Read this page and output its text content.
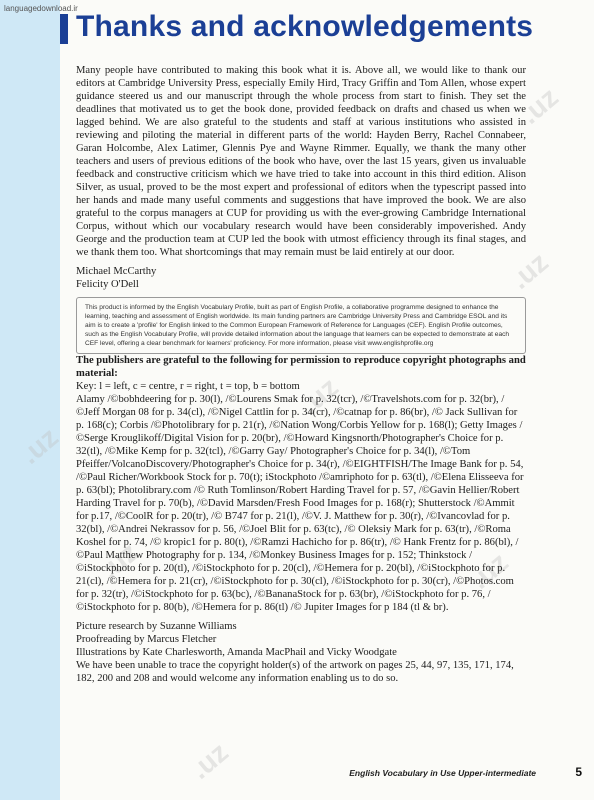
languagedownload.ir
Thanks and acknowledgements
.uz
.uz
.uz
.uz
.uz	.uz
.uz

Many people have contributed to making this book what it is. Above all, we would like to thank our editors at Cambridge University Press, especially Emily Hird, Tracy Griffin and Tom Allen, whose expert guidance steered us and our manuscript through the whole process from start to finish. They set the deadlines that motivated us to get the book done, provided feedback on drafts and chased us when we lagged behind. We are also grateful to the students and staff at various institutions who assisted in reviewing and piloting the material in different parts of the world: Hayden Berry, Rachel Connabeer, Garan Holcombe, Alex Latimer, Glennis Pye and Wayne Rimmer. Equally, we thank the many other teachers and users of previous editions of the book who have, over the last 15 years, given us invaluable feedback and constructive criticism which we have tried to take into account in this third edition. Alison Silver, as usual, proved to be the most expert and professional of editors when the typescript passed into her hands and made many useful comments and suggestions that have improved the book. We are also grateful to the corpus managers at CUP for providing us with the ever-growing Cambridge International Corpus, without which our vocabulary research would have been considerably impoverished. Andy George and the production team at CUP led the book with utmost efficiency through its final stages, and we thank them too. What shortcomings that may remain must be laid entirely at our door.

Michael McCarthy
Felicity O'Dell
This product is informed by the English Vocabulary Profile, built as part of English Profile, a collaborative programme designed to enhance the learning, teaching and assessment of English worldwide. Its main funding partners are Cambridge University Press and Cambridge ESOL and its aim is to create a 'profile' for English linked to the Common European Framework of Reference for Languages (CEF). English Profile outcomes, such as the English Vocabulary Profile, will provide detailed information about the language that learners can be expected to demonstrate at each CEF level, offering a clear benchmark for learners' proficiency. For more information, please visit www.englishprofile.org

The publishers are grateful to the following for permission to reproduce copyright photographs and material:

Key: l = left, c = centre, r = right, t = top, b = bottom

Alamy /©bobhdeering for p. 30(l), /©Lourens Smak for p. 32(tcr), /©Travelshots.com for p. 32(br), /©Jeff Morgan 08 for p. 34(cl), /©Nigel Cattlin for p. 34(cr), /©catnap for p. 86(br), /© Jack Sullivan for p. 168(c); Corbis /©Photolibrary for p. 21(r), /©Nation Wong/Corbis Yellow for p. 168(l); Getty Images /©Serge Krouglikoff/Digital Vision for p. 20(br), /©Howard Kingsnorth/Photographer's Choice for p. 32(tl), /©Mike Kemp for p. 32(tcl), /©Garry Gay/ Photographer's Choice for p. 34(l), /©Tom Pfeiffer/VolcanoDiscovery/Photographer's Choice for p. 34(r), /©EIGHTFISH/The Image Bank for p. 54, /©Paul Richer/Workbook Stock for p. 70(t); iStockphoto /©amriphoto for p. 63(tl), /©Elena Elisseeva for p. 63(bl); Photolibrary.com /© Ruth Tomlinson/Robert Harding Travel for p. 57, /©Gavin Hellier/Robert Harding Travel for p. 70(b), /©David Marsden/Fresh Food Images for p. 168(r); Shutterstock /©Ammit for p.17, /©CoolR for p. 20(tr), /© B747 for p. 21(l), /©V. J. Matthew for p. 30(r), /©Ivancovlad for p. 32(bl), /©Andrei Nekrassov for p. 56, /©Joel Blit for p. 63(tc), /© Oleksiy Mark for p. 63(tr), /©Roma Koshel for p. 74, /© kropic1 for p. 80(t), /©Ramzi Hachicho for p. 86(tr), /© Hank Frentz for p. 86(bl), /©Paul Matthew Photography for p. 134, /©Monkey Business Images for p. 152; Thinkstock /©iStockphoto for p. 20(tl), /©iStockphoto for p. 20(cl), /©Hemera for p. 20(bl), /©iStockphoto for p. 21(cl), /©Hemera for p. 21(cr), /©iStockphoto for p. 30(cl), /©iStockphoto for p. 30(cr), /©Photos.com for p. 32(tr), /©iStockphoto for p. 63(bc), /©BananaStock for p. 63(br), /©iStockphoto for p. 76, /©iStockphoto for p. 80(b), /©Hemera for p. 86(tl) /© Jupiter Images for p 184 (tl & br).

Picture research by Suzanne Williams
Proofreading by Marcus Fletcher
Illustrations by Kate Charlesworth, Amanda MacPhail and Vicky Woodgate
We have been unable to trace the copyright holder(s) of the artwork on pages 25, 44, 97, 135, 171, 174, 182, 200 and 208 and would welcome any information enabling us to do so.
English Vocabulary in Use Upper-intermediate	5
